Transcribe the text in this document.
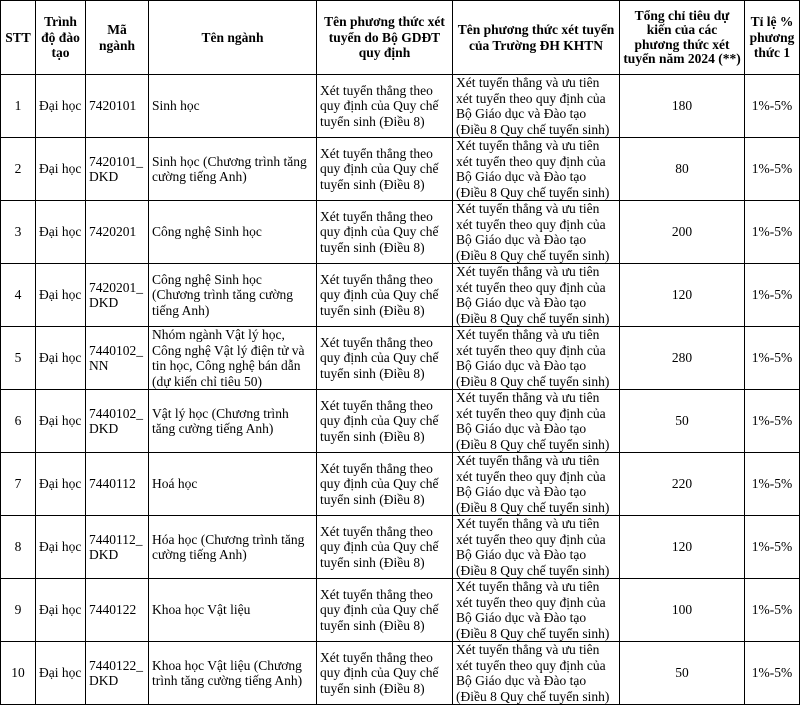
STT	Trình độ đào tạo	Mã ngành	Tên ngành	Tên phương thức xét tuyển do Bộ GDĐT quy định	Tên phương thức xét tuyển của Trường ĐH KHTN	Tổng chỉ tiêu dự kiến của các phương thức xét tuyển năm 2024 (**)	Tỉ lệ % phương thức 1
1	Đại học	7420101	Sinh học	Xét tuyển thẳng theo quy định của Quy chế tuyển sinh (Điều 8)	Xét tuyển thẳng và ưu tiên xét tuyển theo quy định của Bộ Giáo dục và Đào tạo (Điều 8 Quy chế tuyển sinh)	180	1%-5%
2	Đại học	7420101_ DKD	Sinh học (Chương trình tăng cường tiếng Anh)	Xét tuyển thẳng theo quy định của Quy chế tuyển sinh (Điều 8)	Xét tuyển thẳng và ưu tiên xét tuyển theo quy định của Bộ Giáo dục và Đào tạo (Điều 8 Quy chế tuyển sinh)	80	1%-5%
3	Đại học	7420201	Công nghệ Sinh học	Xét tuyển thẳng theo quy định của Quy chế tuyển sinh (Điều 8)	Xét tuyển thẳng và ưu tiên xét tuyển theo quy định của Bộ Giáo dục và Đào tạo (Điều 8 Quy chế tuyển sinh)	200	1%-5%
4	Đại học	7420201_ DKD	Công nghệ Sinh học (Chương trình tăng cường tiếng Anh)	Xét tuyển thẳng theo quy định của Quy chế tuyển sinh (Điều 8)	Xét tuyển thẳng và ưu tiên xét tuyển theo quy định của Bộ Giáo dục và Đào tạo (Điều 8 Quy chế tuyển sinh)	120	1%-5%
5	Đại học	7440102_ NN	Nhóm ngành Vật lý học, Công nghệ Vật lý điện tử và tin học, Công nghệ bán dẫn (dự kiến chỉ tiêu 50)	Xét tuyển thẳng theo quy định của Quy chế tuyển sinh (Điều 8)	Xét tuyển thẳng và ưu tiên xét tuyển theo quy định của Bộ Giáo dục và Đào tạo (Điều 8 Quy chế tuyển sinh)	280	1%-5%
6	Đại học	7440102_ DKD	Vật lý học (Chương trình tăng cường tiếng Anh)	Xét tuyển thẳng theo quy định của Quy chế tuyển sinh (Điều 8)	Xét tuyển thẳng và ưu tiên xét tuyển theo quy định của Bộ Giáo dục và Đào tạo (Điều 8 Quy chế tuyển sinh)	50	1%-5%
7	Đại học	7440112	Hoá học	Xét tuyển thẳng theo quy định của Quy chế tuyển sinh (Điều 8)	Xét tuyển thẳng và ưu tiên xét tuyển theo quy định của Bộ Giáo dục và Đào tạo (Điều 8 Quy chế tuyển sinh)	220	1%-5%
8	Đại học	7440112_ DKD	Hóa học (Chương trình tăng cường tiếng Anh)	Xét tuyển thẳng theo quy định của Quy chế tuyển sinh (Điều 8)	Xét tuyển thẳng và ưu tiên xét tuyển theo quy định của Bộ Giáo dục và Đào tạo (Điều 8 Quy chế tuyển sinh)	120	1%-5%
9	Đại học	7440122	Khoa học Vật liệu	Xét tuyển thẳng theo quy định của Quy chế tuyển sinh (Điều 8)	Xét tuyển thẳng và ưu tiên xét tuyển theo quy định của Bộ Giáo dục và Đào tạo (Điều 8 Quy chế tuyển sinh)	100	1%-5%
10	Đại học	7440122_ DKD	Khoa học Vật liệu (Chương trình tăng cường tiếng Anh)	Xét tuyển thẳng theo quy định của Quy chế tuyển sinh (Điều 8)	Xét tuyển thẳng và ưu tiên xét tuyển theo quy định của Bộ Giáo dục và Đào tạo (Điều 8 Quy chế tuyển sinh)	50	1%-5%
